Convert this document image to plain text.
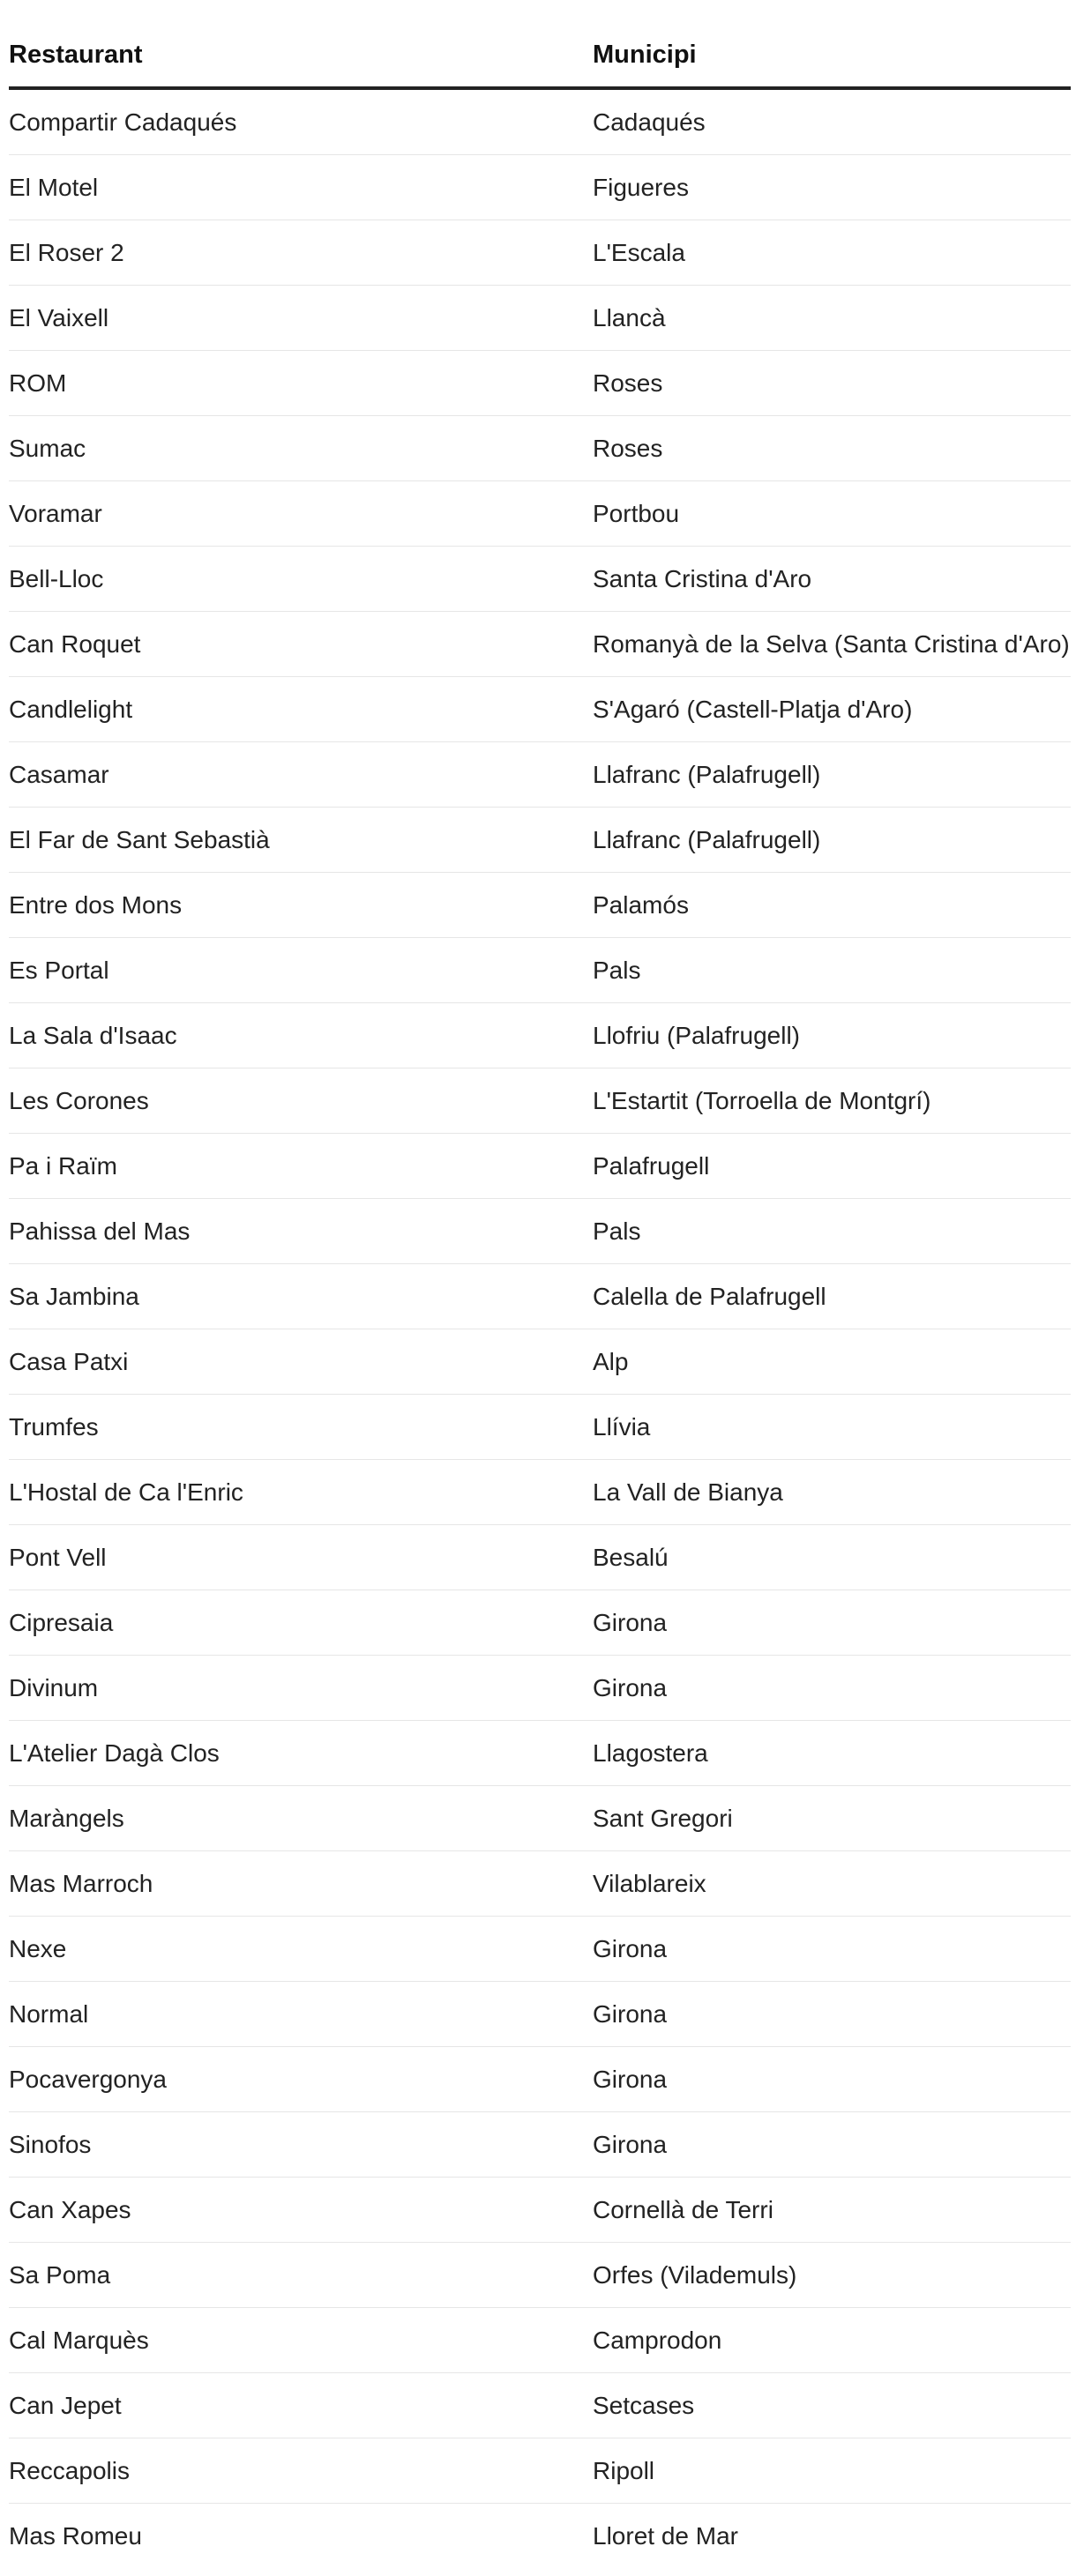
Restaurant	Municipi
Compartir Cadaqués	Cadaqués
El Motel	Figueres
El Roser 2	L'Escala
El Vaixell	Llancà
ROM	Roses
Sumac	Roses
Voramar	Portbou
Bell-Lloc	Santa Cristina d'Aro
Can Roquet	Romanyà de la Selva (Santa Cristina d'Aro)
Candlelight	S'Agaró (Castell-Platja d'Aro)
Casamar	Llafranc (Palafrugell)
El Far de Sant Sebastià	Llafranc (Palafrugell)
Entre dos Mons	Palamós
Es Portal	Pals
La Sala d'Isaac	Llofriu (Palafrugell)
Les Corones	L'Estartit (Torroella de Montgrí)
Pa i Raïm	Palafrugell
Pahissa del Mas	Pals
Sa Jambina	Calella de Palafrugell
Casa Patxi	Alp
Trumfes	Llívia
L'Hostal de Ca l'Enric	La Vall de Bianya
Pont Vell	Besalú
Cipresaia	Girona
Divinum	Girona
L'Atelier Dagà Clos	Llagostera
Maràngels	Sant Gregori
Mas Marroch	Vilablareix
Nexe	Girona
Normal	Girona
Pocavergonya	Girona
Sinofos	Girona
Can Xapes	Cornellà de Terri
Sa Poma	Orfes (Vilademuls)
Cal Marquès	Camprodon
Can Jepet	Setcases
Reccapolis	Ripoll
Mas Romeu	Lloret de Mar
